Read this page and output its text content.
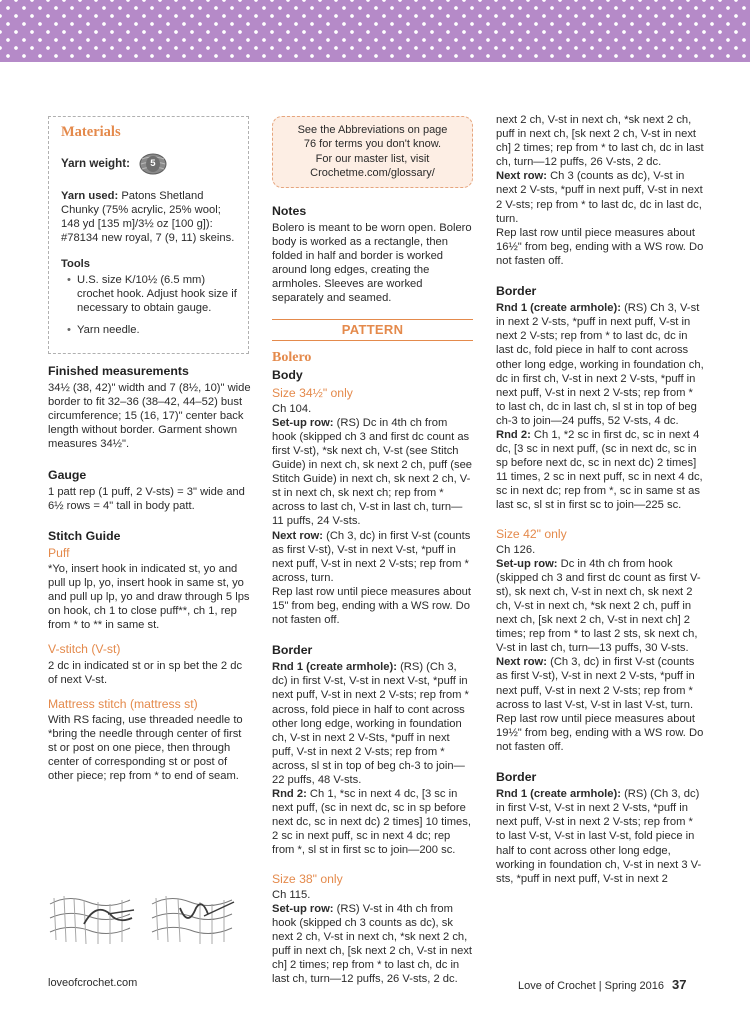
Materials
Yarn weight:	5

Yarn used: Patons Shetland Chunky (75% acrylic, 25% wool; 148 yd [135 m]/3½ oz [100 g]): #78134 new royal, 7 (9, 11) skeins.

Tools
• U.S. size K/10½ (6.5 mm) crochet hook. Adjust hook size if necessary to obtain gauge.
• Yarn needle.
Finished measurements

34½ (38, 42)" width and 7 (8½, 10)" wide border to fit 32–36 (38–42, 44–52) bust circumference; 15 (16, 17)" center back length without border. Garment shown measures 34½".

Gauge

1 patt rep (1 puff, 2 V-sts) = 3" wide and 6½ rows = 4" tall in body patt.

Stitch Guide
Puff

*Yo, insert hook in indicated st, yo and pull up lp, yo, insert hook in same st, yo and pull up lp, yo and draw through 5 lps on hook, ch 1 to close puff**, ch 1, rep from * to ** in same st.

V-stitch (V-st)

2 dc in indicated st or in sp bet the 2 dc of next V-st.

Mattress stitch (mattress st)

With RS facing, use threaded needle to *bring the needle through center of first st or post on one piece, then through center of corresponding st or post of other piece; rep from * to end of seam.

See the Abbreviations on page
76 for terms you don't know.
For our master list, visit
Crochetme.com/glossary/
Notes

Bolero is meant to be worn open. Bolero body is worked as a rectangle, then folded in half and border is worked around long edges, creating the armholes. Sleeves are worked separately and seamed.

PATTERN
Bolero
Body
Size 34½" only

Ch 104.

Set-up row: (RS) Dc in 4th ch from hook (skipped ch 3 and first dc count as first V-st), *sk next ch, V-st (see Stitch Guide) in next ch, sk next 2 ch, puff (see Stitch Guide) in next ch, sk next 2 ch, V-st in next ch, sk next ch; rep from * across to last ch, V-st in last ch, turn—11 puffs, 24 V-sts.

Next row: (Ch 3, dc) in first V-st (counts as first V-st), V-st in next V-st, *puff in next puff, V-st in next 2 V-sts; rep from * across, turn.

Rep last row until piece measures about 15" from beg, ending with a WS row. Do not fasten off.

Border

Rnd 1 (create armhole): (RS) (Ch 3, dc) in first V-st, V-st in next V-st, *puff in next puff, V-st in next 2 V-sts; rep from * across, fold piece in half to cont across other long edge, working in foundation ch, V-st in next 2 V-Sts, *puff in next puff, V-st in next 2 V-sts; rep from * across, sl st in top of beg ch-3 to join—22 puffs, 48 V-sts.

Rnd 2: Ch 1, *sc in next 4 dc, [3 sc in next puff, (sc in next dc, sc in sp before next dc, sc in next dc) 2 times] 10 times, 2 sc in next puff, sc in next 4 dc; rep from *, sl st in first sc to join—200 sc.

Size 38" only

Ch 115.

Set-up row: (RS) V-st in 4th ch from hook (skipped ch 3 counts as dc), sk next 2 ch, V-st in next ch, *sk next 2 ch, puff in next ch, [sk next 2 ch, V-st in next ch] 2 times; rep from * to last ch, dc in last ch, turn—12 puffs, 26 V-sts, 2 dc.

next 2 ch, V-st in next ch, *sk next 2 ch, puff in next ch, [sk next 2 ch, V-st in next ch] 2 times; rep from * to last ch, dc in last ch, turn—12 puffs, 26 V-sts, 2 dc.

Next row: Ch 3 (counts as dc), V-st in next 2 V-sts, *puff in next puff, V-st in next 2 V-sts; rep from * to last dc, dc in last dc, turn.

Rep last row until piece measures about 16½" from beg, ending with a WS row. Do not fasten off.

Border

Rnd 1 (create armhole): (RS) Ch 3, V-st in next 2 V-sts, *puff in next puff, V-st in next 2 V-sts; rep from * to last dc, dc in last dc, fold piece in half to cont across other long edge, working in foundation ch, dc in first ch, V-st in next 2 V-sts, *puff in next puff, V-st in next 2 V-sts; rep from * to last ch, dc in last ch, sl st in top of beg ch-3 to join—24 puffs, 52 V-sts, 4 dc.

Rnd 2: Ch 1, *2 sc in first dc, sc in next 4 dc, [3 sc in next puff, (sc in next dc, sc in sp before next dc, sc in next dc) 2 times] 11 times, 2 sc in next puff, sc in next 4 dc, sc in next dc; rep from *, sc in same st as last sc, sl st in first sc to join—225 sc.

Size 42" only

Ch 126.

Set-up row: Dc in 4th ch from hook (skipped ch 3 and first dc count as first V-st), sk next ch, V-st in next ch, sk next 2 ch, V-st in next ch, *sk next 2 ch, puff in next ch, [sk next 2 ch, V-st in next ch] 2 times; rep from * to last 2 sts, sk next ch, V-st in last ch, turn—13 puffs, 30 V-sts.

Next row: (Ch 3, dc) in first V-st (counts as first V-st), V-st in next 2 V-sts, *puff in next puff, V-st in next 2 V-sts; rep from * across to last V-st, V-st in last V-st, turn.

Rep last row until piece measures about 19½" from beg, ending with a WS row. Do not fasten off.

Border

Rnd 1 (create armhole): (RS) (Ch 3, dc) in first V-st, V-st in next 2 V-sts, *puff in next puff, V-st in next 2 V-sts; rep from * to last V-st, V-st in last V-st, fold piece in half to cont across other long edge, working in foundation ch, V-st in next 3 V-sts, *puff in next puff, V-st in next 2

loveofcrochet.com	Love of Crochet | Spring 2016 37
